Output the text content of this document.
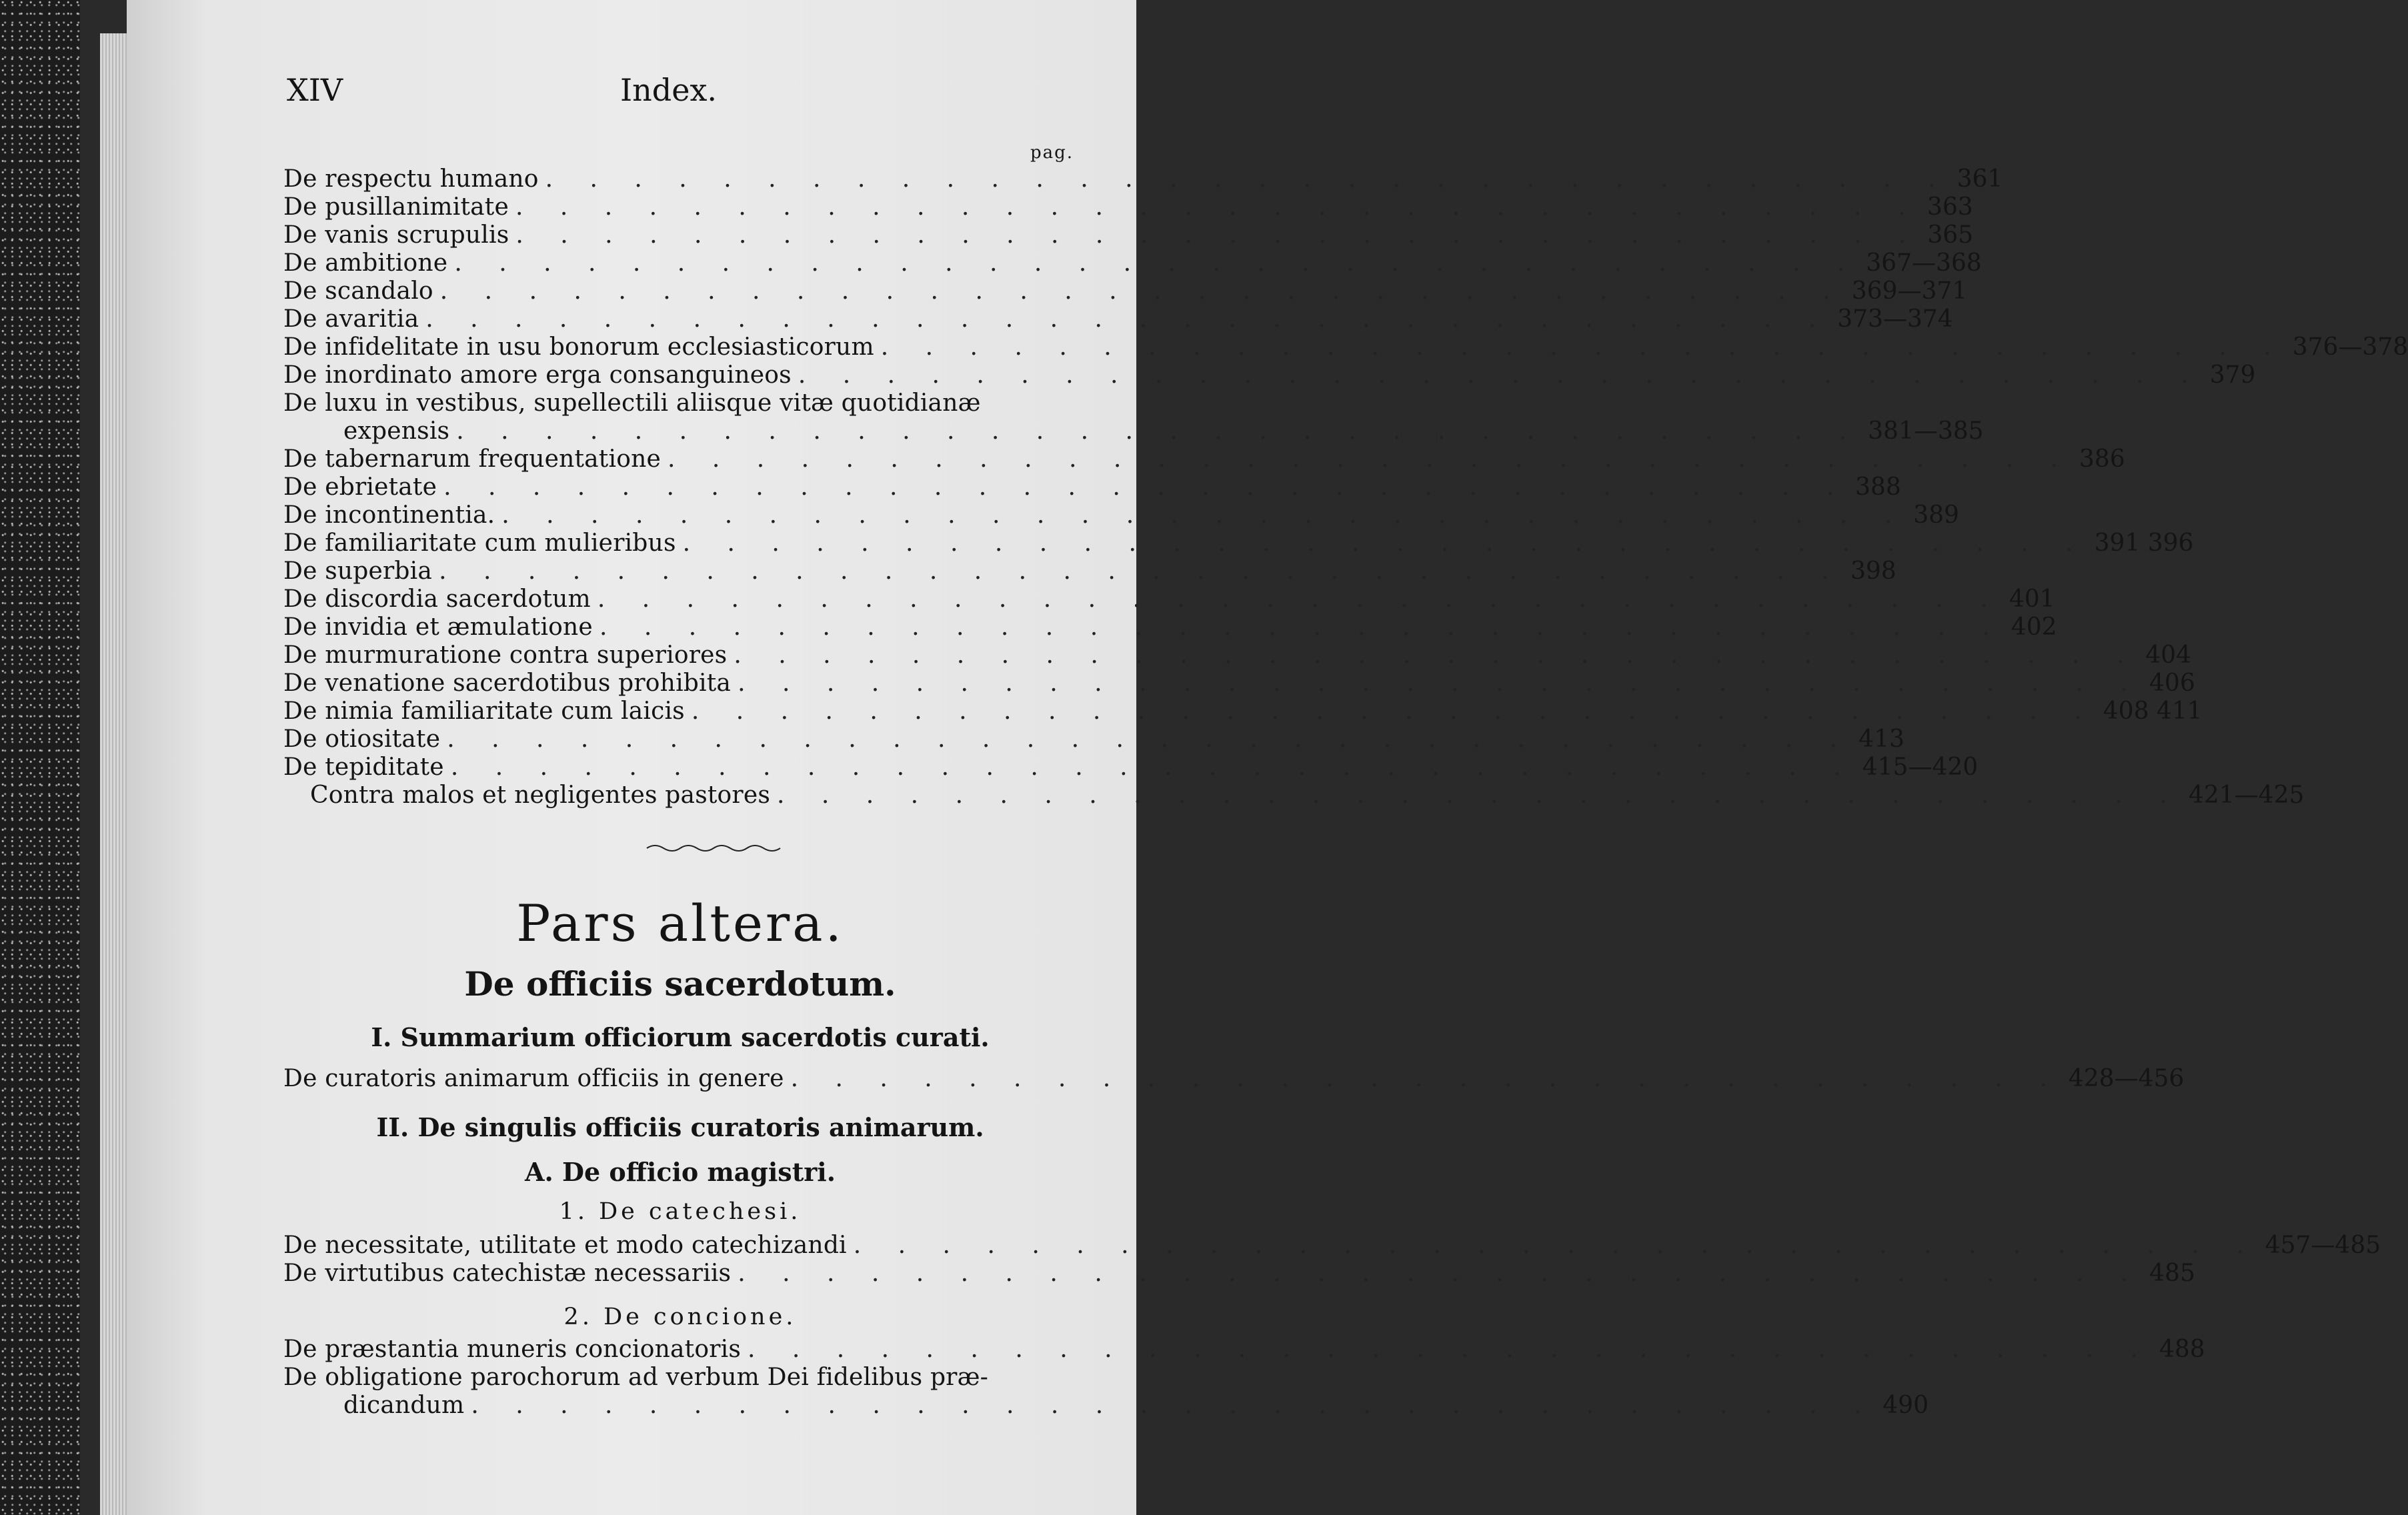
XIV	Index.
pag.
De respectu humano . . . . . . . . . . . . . . . . . . . . . . . . . . . . . . . . 361
De pusillanimitate . . . . . . . . . . . . . . . . . . . . . . . . . . . . . . . . 363
De vanis scrupulis . . . . . . . . . . . . . . . . . . . . . . . . . . . . . . . . 365
De ambitione . . . . . . . . . . . . . . . . . . . . . . . . . . . . . . . . 367—368
De scandalo . . . . . . . . . . . . . . . . . . . . . . . . . . . . . . . . 369—371
De avaritia . . . . . . . . . . . . . . . . . . . . . . . . . . . . . . . . 373—374
De infidelitate in usu bonorum ecclesiasticorum . . . . . . . . . . . . . . . . . . . . . . . . . . . . . . . . 376—378
De inordinato amore erga consanguineos . . . . . . . . . . . . . . . . . . . . . . . . . . . . . . . . 379
De luxu in vestibus, supellectili aliisque vitæ quotidianæ
expensis . . . . . . . . . . . . . . . . . . . . . . . . . . . . . . . . 381—385
De tabernarum frequentatione . . . . . . . . . . . . . . . . . . . . . . . . . . . . . . . . 386
De ebrietate . . . . . . . . . . . . . . . . . . . . . . . . . . . . . . . . 388
De incontinentia. . . . . . . . . . . . . . . . . . . . . . . . . . . . . . . . . 389
De familiaritate cum mulieribus . . . . . . . . . . . . . . . . . . . . . . . . . . . . . . . . 391 396
De superbia . . . . . . . . . . . . . . . . . . . . . . . . . . . . . . . . 398
De discordia sacerdotum . . . . . . . . . . . . . . . . . . . . . . . . . . . . . . . . 401
De invidia et æmulatione . . . . . . . . . . . . . . . . . . . . . . . . . . . . . . . . 402
De murmuratione contra superiores . . . . . . . . . . . . . . . . . . . . . . . . . . . . . . . . 404
De venatione sacerdotibus prohibita . . . . . . . . . . . . . . . . . . . . . . . . . . . . . . . . 406
De nimia familiaritate cum laicis . . . . . . . . . . . . . . . . . . . . . . . . . . . . . . . . 408 411
De otiositate . . . . . . . . . . . . . . . . . . . . . . . . . . . . . . . . 413
De tepiditate . . . . . . . . . . . . . . . . . . . . . . . . . . . . . . . . 415—420
Contra malos et negligentes pastores . . . . . . . . . . . . . . . . . . . . . . . . . . . . . . . . 421—425
Pars altera.
De officiis sacerdotum.
I. Summarium officiorum sacerdotis curati.
De curatoris animarum officiis in genere . . . . . . . . . . . . . . . . . . . . . . . . . . . . . 428—456
II. De singulis officiis curatoris animarum.
A. De officio magistri.
1. De catechesi.
De necessitate, utilitate et modo catechizandi . . . . . . . . . . . . . . . . . . . . . . . . . . . . . . . . 457—485
De virtutibus catechistæ necessariis . . . . . . . . . . . . . . . . . . . . . . . . . . . . . . . . 485
2. De concione.
De præstantia muneris concionatoris . . . . . . . . . . . . . . . . . . . . . . . . . . . . . . . . 488
De obligatione parochorum ad verbum Dei fidelibus præ-
dicandum . . . . . . . . . . . . . . . . . . . . . . . . . . . . . . . . 490
